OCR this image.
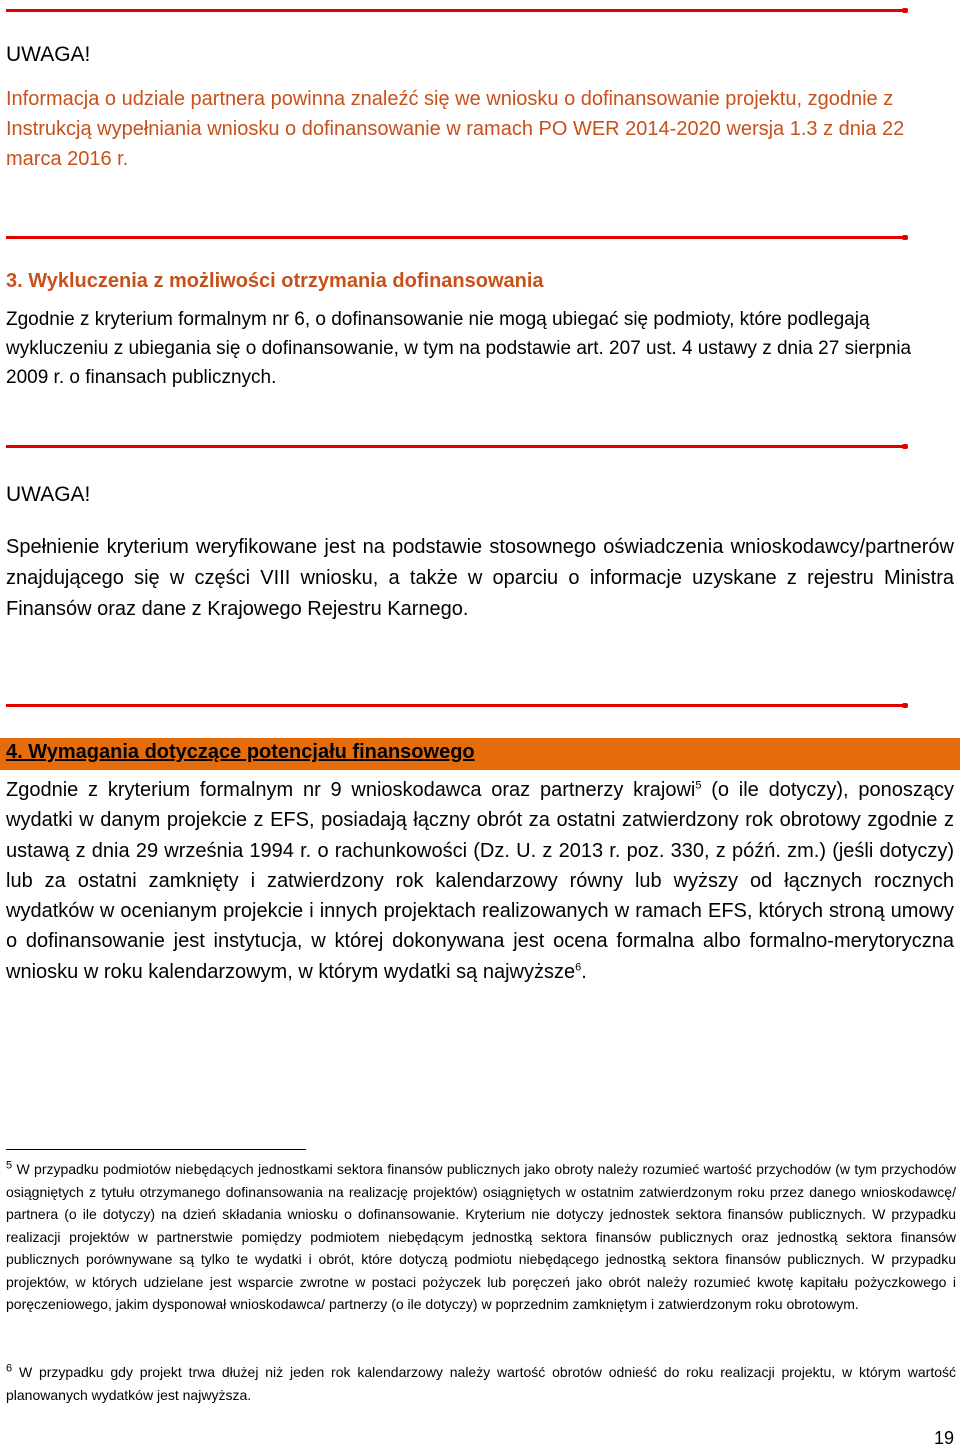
UWAGA!
Informacja o udziale partnera powinna znaleźć się we wniosku o dofinansowanie projektu, zgodnie z Instrukcją wypełniania wniosku o dofinansowanie w ramach PO WER 2014-2020 wersja 1.3 z dnia 22 marca 2016 r.
3. Wykluczenia z możliwości otrzymania dofinansowania
Zgodnie z kryterium formalnym nr 6, o dofinansowanie nie mogą ubiegać się podmioty, które podlegają wykluczeniu z ubiegania się o dofinansowanie, w tym na podstawie art. 207 ust. 4 ustawy z dnia 27 sierpnia 2009 r. o finansach publicznych.
UWAGA!
Spełnienie kryterium weryfikowane jest na podstawie stosownego oświadczenia wnioskodawcy/partnerów znajdującego się w części VIII wniosku, a także w oparciu o informacje uzyskane z rejestru Ministra Finansów oraz dane z Krajowego Rejestru Karnego.
4. Wymagania dotyczące potencjału finansowego
Zgodnie z kryterium formalnym nr 9 wnioskodawca oraz partnerzy krajowi$^5$ (o ile dotyczy), ponoszący wydatki w danym projekcie z EFS, posiadają łączny obrót za ostatni zatwierdzony rok obrotowy zgodnie z ustawą z dnia 29 września 1994 r. o rachunkowości (Dz. U. z 2013 r. poz. 330, z późń. zm.) (jeśli dotyczy) lub za ostatni zamknięty i zatwierdzony rok kalendarzowy równy lub wyższy od łącznych rocznych wydatków w ocenianym projekcie i innych projektach realizowanych w ramach EFS, których stroną umowy o dofinansowanie jest instytucja, w której dokonywana jest ocena formalna albo formalno-merytoryczna wniosku w roku kalendarzowym, w którym wydatki są najwyższe$^6$.
$^5$ W przypadku podmiotów niebędących jednostkami sektora finansów publicznych jako obroty należy rozumieć wartość przychodów (w tym przychodów osiągniętych z tytułu otrzymanego dofinansowania na realizację projektów) osiągniętych w ostatnim zatwierdzonym roku przez danego wnioskodawcę/ partnera (o ile dotyczy) na dzień składania wniosku o dofinansowanie. Kryterium nie dotyczy jednostek sektora finansów publicznych. W przypadku realizacji projektów w partnerstwie pomiędzy podmiotem niebędącym jednostką sektora finansów publicznych oraz jednostką sektora finansów publicznych porównywane są tylko te wydatki i obrót, które dotyczą podmiotu niebędącego jednostką sektora finansów publicznych. W przypadku projektów, w których udzielane jest wsparcie zwrotne w postaci pożyczek lub poręczeń jako obrót należy rozumieć kwotę kapitału pożyczkowego i poręczeniowego, jakim dysponował wnioskodawca/ partnerzy (o ile dotyczy) w poprzednim zamkniętym i zatwierdzonym roku obrotowym.
$^6$ W przypadku gdy projekt trwa dłużej niż jeden rok kalendarzowy należy wartość obrotów odnieść do roku realizacji projektu, w którym wartość planowanych wydatków jest najwyższa.
19
